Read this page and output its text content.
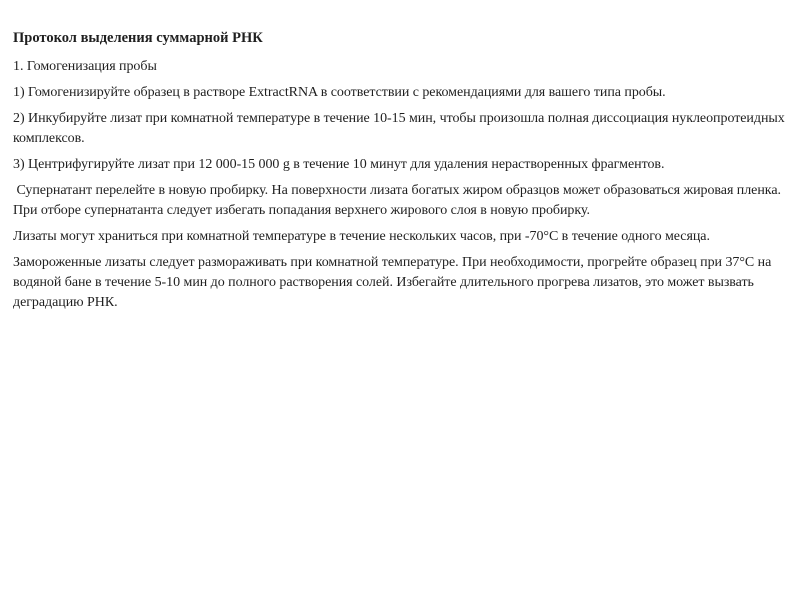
Протокол выделения суммарной РНК

1. Гомогенизация пробы

1) Гомогенизируйте образец в растворе ExtractRNA в соответствии с рекомендациями для вашего типа пробы.

2) Инкубируйте лизат при комнатной температуре в течение 10-15 мин, чтобы произошла полная диссоциация нуклеопротеидных комплексов.

3) Центрифугируйте лизат при 12 000-15 000 g в течение 10 минут для удаления нерастворенных фрагментов.

Супернатант перелейте в новую пробирку. На поверхности лизата богатых жиром образцов может образоваться жировая пленка. При отборе супернатанта следует избегать попадания верхнего жирового слоя в новую пробирку.

Лизаты могут храниться при комнатной температуре в течение нескольких часов, при -70°С в течение одного месяца.

Замороженные лизаты следует размораживать при комнатной температуре. При необходимости, прогрейте образец при 37°С на водяной бане в течение 5-10 мин до полного растворения солей. Избегайте длительного прогрева лизатов, это может вызвать деградацию РНК.
